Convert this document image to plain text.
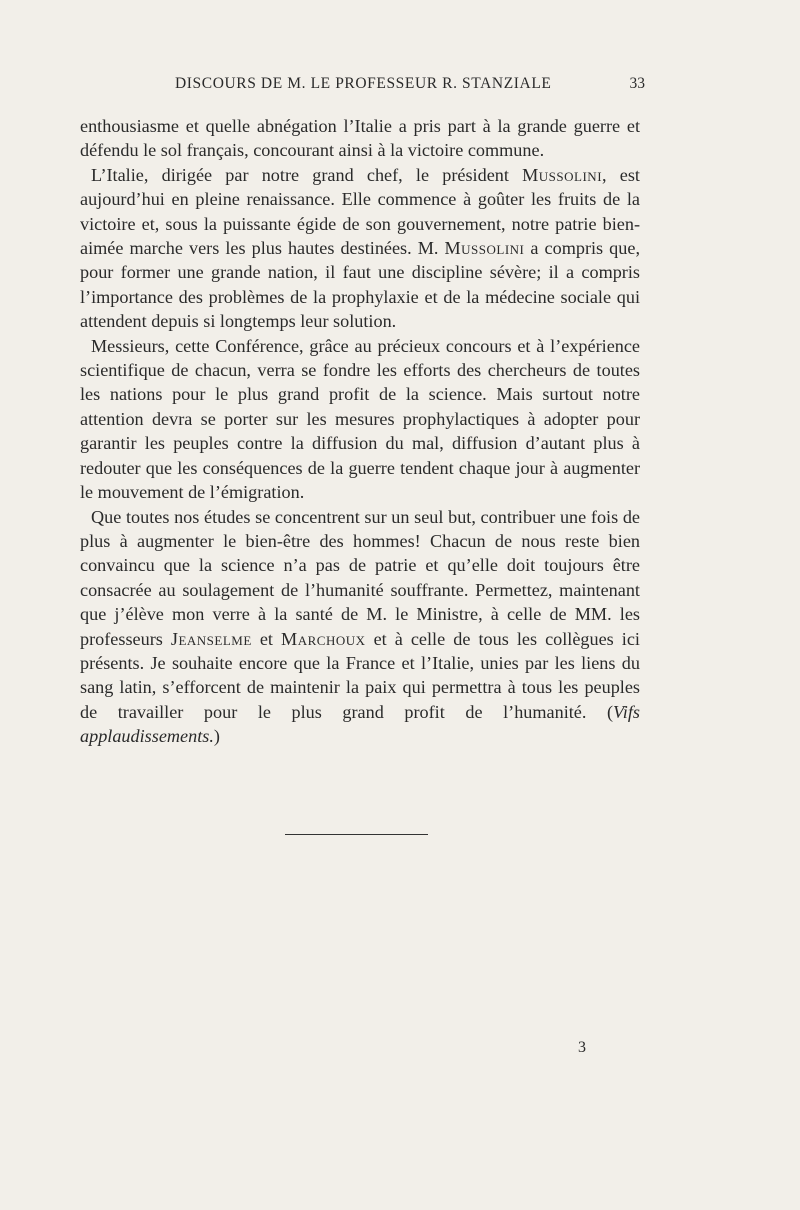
DISCOURS DE M. LE PROFESSEUR R. STANZIALE	33

enthousiasme et quelle abnégation l’Italie a pris part à la grande guerre et défendu le sol français, concourant ainsi à la victoire commune.

L’Italie, dirigée par notre grand chef, le président Mussolini, est aujourd’hui en pleine renaissance. Elle commence à goûter les fruits de la victoire et, sous la puissante égide de son gouvernement, notre patrie bien-aimée marche vers les plus hautes destinées. M. Mussolini a compris que, pour former une grande nation, il faut une discipline sévère; il a compris l’importance des problèmes de la prophylaxie et de la médecine sociale qui attendent depuis si longtemps leur solution.

Messieurs, cette Conférence, grâce au précieux concours et à l’expérience scientifique de chacun, verra se fondre les efforts des chercheurs de toutes les nations pour le plus grand profit de la science. Mais surtout notre attention devra se porter sur les mesures prophylactiques à adopter pour garantir les peuples contre la diffusion du mal, diffusion d’autant plus à redouter que les conséquences de la guerre tendent chaque jour à augmenter le mouvement de l’émigration.

Que toutes nos études se concentrent sur un seul but, contribuer une fois de plus à augmenter le bien-être des hommes! Chacun de nous reste bien convaincu que la science n’a pas de patrie et qu’elle doit toujours être consacrée au soulagement de l’humanité souffrante. Permettez, maintenant que j’élève mon verre à la santé de M. le Ministre, à celle de MM. les professeurs Jeanselme et Marchoux et à celle de tous les collègues ici présents. Je souhaite encore que la France et l’Italie, unies par les liens du sang latin, s’efforcent de maintenir la paix qui permettra à tous les peuples de travailler pour le plus grand profit de l’humanité. (Vifs applaudissements.)

3
